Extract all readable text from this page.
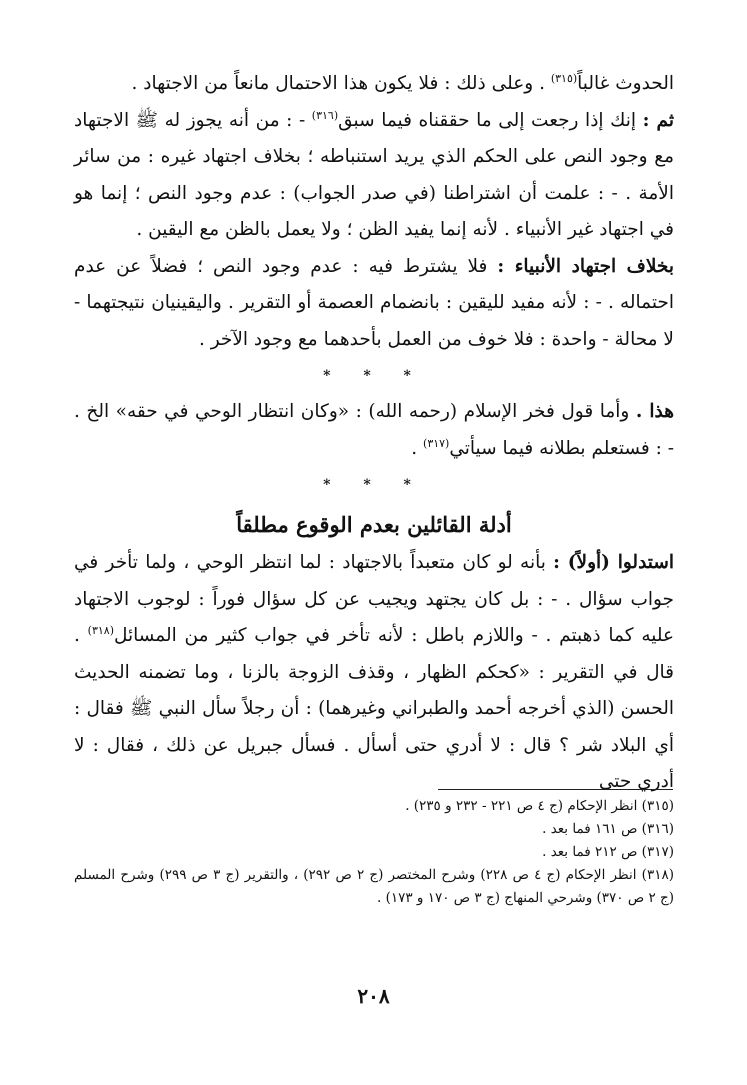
الحدوث غالباً$^{(٣١٥)}$ . وعلى ذلك : فلا يكون هذا الاحتمال مانعاً من الاجتهاد .

ثم : إنك إذا رجعت إلى ما حققناه فيما سبق$^{(٣١٦)}$ - : من أنه يجوز له ﷺ الاجتهاد مع وجود النص على الحكم الذي يريد استنباطه ؛ بخلاف اجتهاد غيره : من سائر الأمة . - : علمت أن اشتراطنا (في صدر الجواب) : عدم وجود النص ؛ إنما هو في اجتهاد غير الأنبياء . لأنه إنما يفيد الظن ؛ ولا يعمل بالظن مع اليقين .

بخلاف اجتهاد الأنبياء : فلا يشترط فيه : عدم وجود النص ؛ فضلاً عن عدم احتماله . - : لأنه مفيد لليقين : بانضمام العصمة أو التقرير . واليقينيان نتيجتهما - لا محالة - واحدة : فلا خوف من العمل بأحدهما مع وجود الآخر .

* * *

هذا . وأما قول فخر الإسلام (رحمه الله) : «وكان انتظار الوحي في حقه» الخ . - : فستعلم بطلانه فيما سيأتي$^{(٣١٧)}$ .

* * *
أدلة القائلين بعدم الوقوع مطلقاً

استدلوا (أولاً) : بأنه لو كان متعبداً بالاجتهاد : لما انتظر الوحي ، ولما تأخر في جواب سؤال . - : بل كان يجتهد ويجيب عن كل سؤال فوراً : لوجوب الاجتهاد عليه كما ذهبتم . - واللازم باطل : لأنه تأخر في جواب كثير من المسائل$^{(٣١٨)}$ . قال في التقرير : «كحكم الظهار ، وقذف الزوجة بالزنا ، وما تضمنه الحديث الحسن (الذي أخرجه أحمد والطبراني وغيرهما) : أن رجلاً سأل النبي ﷺ فقال : أي البلاد شر ؟ قال : لا أدري حتى أسأل . فسأل جبريل عن ذلك ، فقال : لا أدري حتى

(٣١٥) انظر الإحكام (ج ٤ ص ٢٢١ - ٢٣٢ و ٢٣٥) .

(٣١٦) ص ١٦١ فما بعد .

(٣١٧) ص ٢١٢ فما بعد .

(٣١٨) انظر الإحكام (ج ٤ ص ٢٢٨) وشرح المختصر (ج ٢ ص ٢٩٢) ، والتقرير (ج ٣ ص ٢٩٩) وشرح المسلم (ج ٢ ص ٣٧٠) وشرحي المنهاج (ج ٣ ص ١٧٠ و ١٧٣) .

٢٠٨
